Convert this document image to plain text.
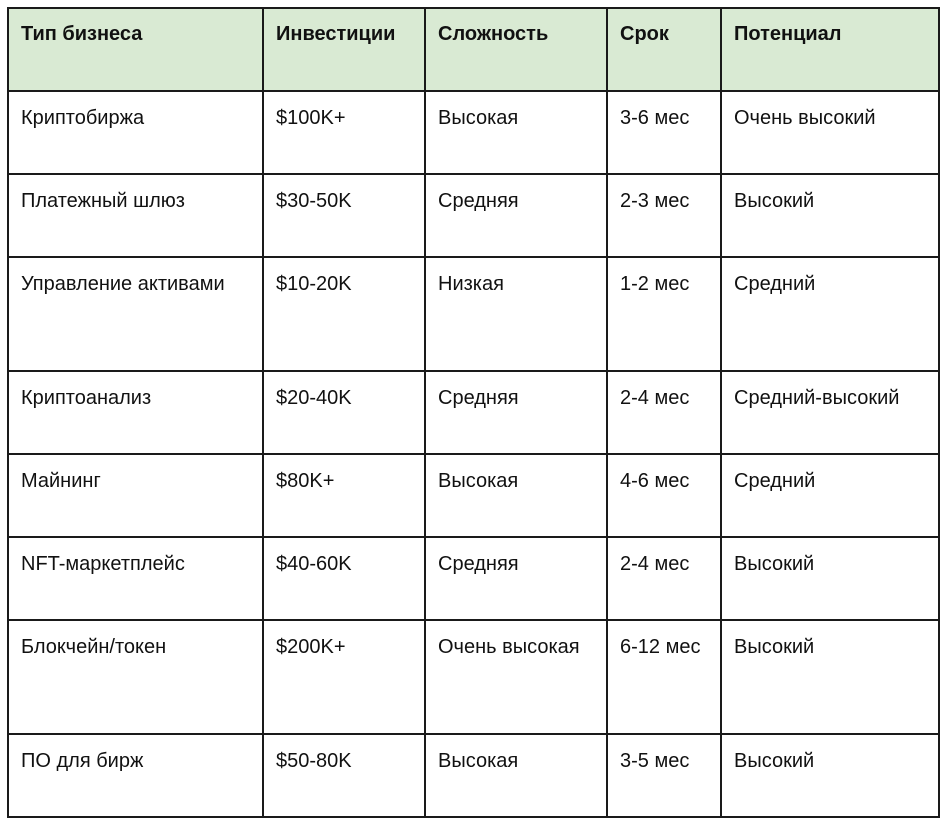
Тип бизнеса	Инвестиции	Сложность	Срок	Потенциал
Криптобиржа	$100K+	Высокая	3-6 мес	Очень высокий
Платежный шлюз	$30-50K	Средняя	2-3 мес	Высокий
Управление активами	$10-20K	Низкая	1-2 мес	Средний
Криптоанализ	$20-40K	Средняя	2-4 мес	Средний-высокий
Майнинг	$80K+	Высокая	4-6 мес	Средний
NFT-маркетплейс	$40-60K	Средняя	2-4 мес	Высокий
Блокчейн/токен	$200K+	Очень высокая	6-12 мес	Высокий
ПО для бирж	$50-80K	Высокая	3-5 мес	Высокий
